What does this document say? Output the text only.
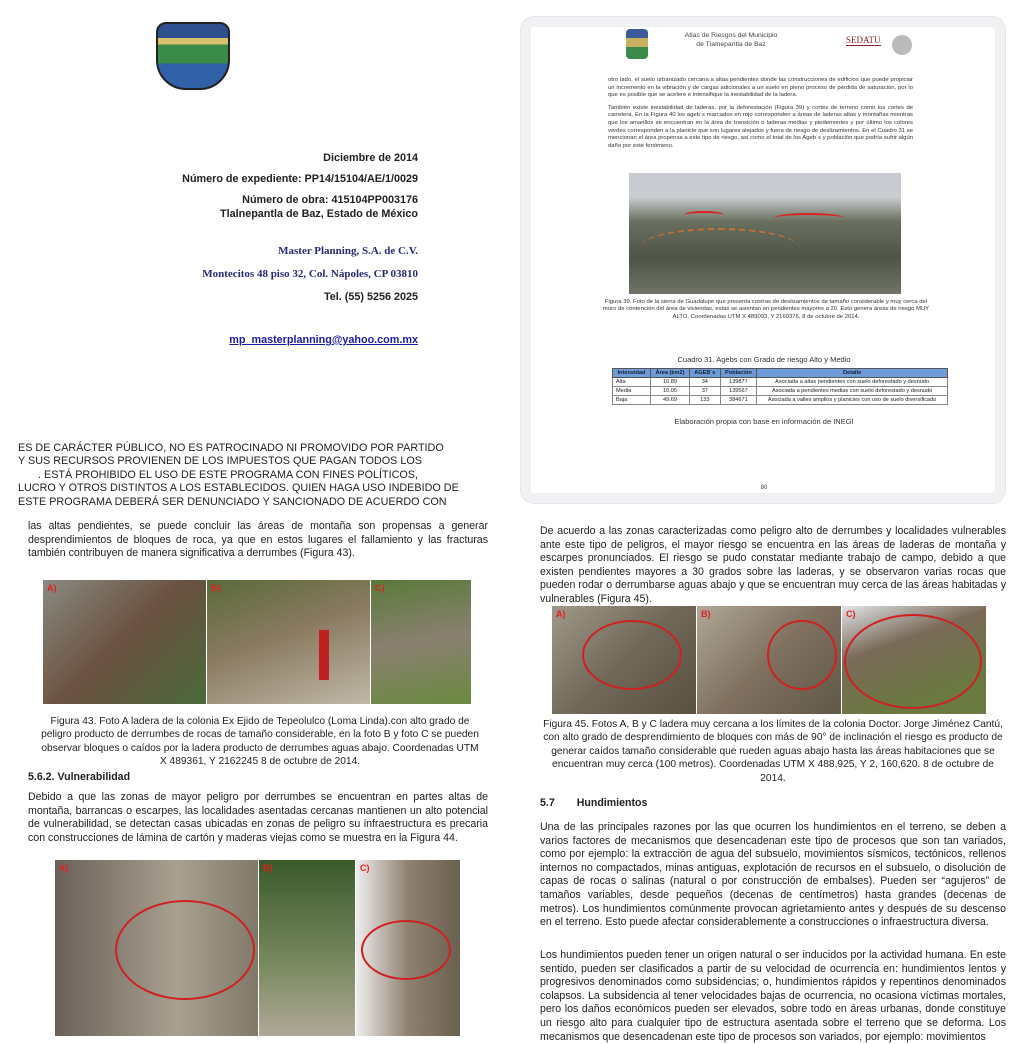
Diciembre de 2014
Número de expediente: PP14/15104/AE/1/0029
Número de obra: 415104PP003176
Tlalnepantla de Baz, Estado de México
Master Planning, S.A. de C.V.
Montecitos 48 piso 32, Col. Nápoles, CP 03810
Tel. (55) 5256 2025
mp_masterplanning@yahoo.com.mx
ES DE CARÁCTER PÚBLICO, NO ES PATROCINADO NI PROMOVIDO POR PARTIDO
Y SUS RECURSOS PROVIENEN DE LOS IMPUESTOS QUE PAGAN TODOS LOS
. ESTÁ PROHIBIDO EL USO DE ESTE PROGRAMA CON FINES POLÍTICOS,
LUCRO Y OTROS DISTINTOS A LOS ESTABLECIDOS. QUIEN HAGA USO INDEBIDO DE
ESTE PROGRAMA DEBERÁ SER DENUNCIADO Y SANCIONADO DE ACUERDO CON
Atlas de Riesgos del Municipio de Tlalnepantla de Baz	SEDATU

otro lado, el suelo urbanizado cercana a altas pendientes donde las construcciones de edificios que puede propiciar un incremento en la vibración y de cargas adicionales a un suelo en pleno proceso de pérdida de saturación, por lo que es posible que se acelere e intensifique la inestabilidad de la ladera.

También existe inestabilidad de laderas, por la deforestación (Figura 39) y cortes de terreno como los cortes de carretera. En la Figura 40 los ageb´s marcados en rojo corresponden a áreas de laderas altas y montañas mientras que los amarillos se encuentran en la área de transición o laderas medias y piedemontes y por último los colores verdes corresponden a la planicie que son lugares alejados y fuera de riesgo de deslizamientos. En el Cuadro 31 se mencionan el área propensa a este tipo de riesgo, así como el total de los Ageb´s y población que podría sufrir algún daño por este fenómeno.

Figura 39. Foto de la sierra de Guadalupe que presenta costras de deslizamientos de tamaño considerable y muy cerca del muro de contención del área de viviendas, estas se asientan en pendientes mayores a 20. Esto genera áreas de riesgo MUY ALTO. Coordenadas UTM X 489093, Y 2160376, 8 de octubre de 2014.
Cuadro 31. Agebs con Grado de riesgo Alto y Medio
Intensidad	Área (km2)	AGEB´s	Población	Detalle
Alta	10.89	34	139877	Asociada a altas pendientes con suelo deforestado y desnudo
Media	10.05	37	139567	Asociada a pendientes medias con suelo deforestado y desnudo
Baja	49.69	133	384671	Asociada a valles amplios y planicies con uso de suelo diversificado
Elaboración propia con base en información de INEGI
80

las altas pendientes, se puede concluir las áreas de montaña son propensas a generar desprendimientos de bloques de roca, ya que en estos lugares el fallamiento y las fracturas también contribuyen de manera significativa a derrumbes (Figura 43).

A)	B)	C)

Figura 43. Foto A ladera de la colonia Ex Ejido de Tepeolulco (Loma Linda).con alto grado de peligro producto de derrumbes de rocas de tamaño considerable, en la foto B y foto C se pueden observar bloques o caídos por la ladera producto de derrumbes aguas abajo. Coordenadas UTM X 489361, Y 2162245 8 de octubre de 2014.

5.6.2. Vulnerabilidad

Debido a que las zonas de mayor peligro por derrumbes se encuentran en partes altas de montaña, barrancas o escarpes, las localidades asentadas cercanas mantienen un alto potencial de vulnerabilidad, se detectan casas ubicadas en zonas de peligro su infraestructura es precaria con construcciones de lámina de cartón y maderas viejas como se muestra en la Figura 44.

A)	B)	C)

De acuerdo a las zonas caracterizadas como peligro alto de derrumbes y localidades vulnerables ante este tipo de peligros, el mayor riesgo se encuentra en las áreas de laderas de montaña y escarpes pronunciados. El riesgo se pudo constatar mediante trabajo de campo, debido a que existen pendientes mayores a 30 grados sobre las laderas, y se observaron varias rocas que pueden rodar o derrumbarse aguas abajo y que se encuentran muy cerca de las áreas habitadas y vulnerables (Figura 45).

A)	B)	C)

Figura 45. Fotos A, B y C ladera muy cercana a los límites de la colonia Doctor. Jorge Jiménez Cantú, con alto grado de desprendimiento de bloques con más de 90° de inclinación el riesgo es producto de generar caídos tamaño considerable que rueden aguas abajo hasta las áreas habitaciones que se encuentran muy cerca (100 metros). Coordenadas UTM X 488,925, Y 2, 160,620. 8 de octubre de 2014.

5.7 Hundimientos

Una de las principales razones por las que ocurren los hundimientos en el terreno, se deben a varios factores de mecanismos que desencadenan este tipo de procesos que son tan variados, como por ejemplo: la extracción de agua del subsuelo, movimientos sísmicos, tectónicos, rellenos internos no compactados, minas antiguas, explotación de recursos en el subsuelo, o disolución de capas de rocas o salinas (natural o por construcción de embalses). Pueden ser “agujeros” de tamaños variables, desde pequeños (decenas de centímetros) hasta grandes (decenas de metros). Los hundimientos comúnmente provocan agrietamiento antes y después de su descenso en el terreno. Esto puede afectar considerablemente a construcciones o infraestructura diversa.

Los hundimientos pueden tener un origen natural o ser inducidos por la actividad humana. En este sentido, pueden ser clasificados a partir de su velocidad de ocurrencia en: hundimientos lentos y progresivos denominados como subsidencias; o, hundimientos rápidos y repentinos denominados colapsos. La subsidencia al tener velocidades bajas de ocurrencia, no ocasiona víctimas mortales, pero los daños económicos pueden ser elevados, sobre todo en áreas urbanas, donde constituye un riesgo alto para cualquier tipo de estructura asentada sobre el terreno que se deforma. Los mecanismos que desencadenan este tipo de procesos son variados, por ejemplo: movimientos
